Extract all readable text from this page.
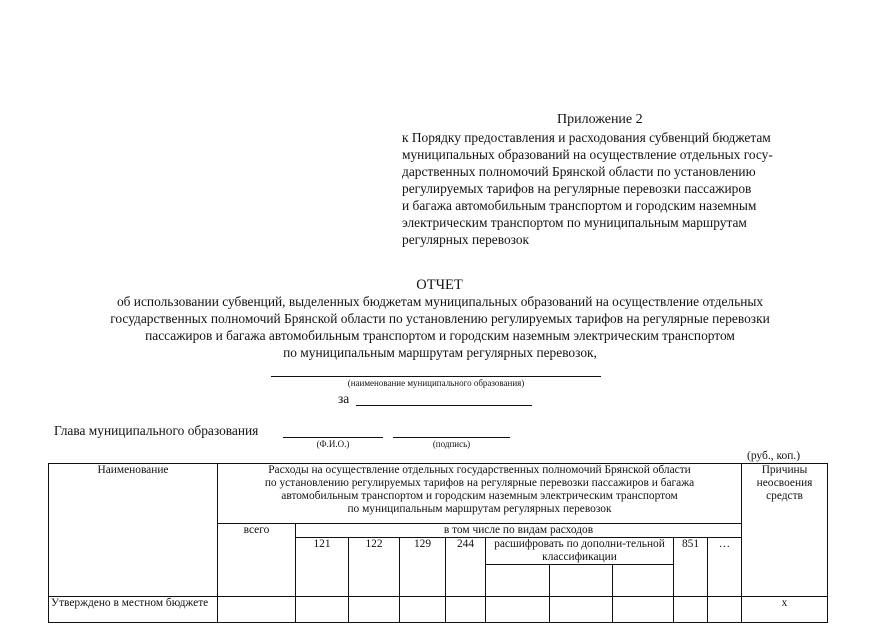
Приложение 2
к Порядку предоставления и расходования субвенций бюджетам
муниципальных образований на осуществление отдельных госу-
дарственных полномочий Брянской области по установлению
регулируемых тарифов на регулярные перевозки пассажиров
и багажа автомобильным транспортом и городским наземным
электрическим транспортом по муниципальным маршрутам
регулярных перевозок
ОТЧЕТ
об использовании субвенций, выделенных бюджетам муниципальных образований на осуществление отдельных
государственных полномочий Брянской области по установлению регулируемых тарифов на регулярные перевозки
пассажиров и багажа автомобильным транспортом и городским наземным электрическим транспортом
по муниципальным маршрутам регулярных перевозок,
(наименование муниципального образования)
за
Глава муниципального образования
(Ф.И.О.)	(подпись)
(руб., коп.)
Наименование	Расходы на осуществление отдельных государственных полномочий Брянской области
по установлению регулируемых тарифов на регулярные перевозки пассажиров и багажа
автомобильным транспортом и городским наземным электрическим транспортом
по муниципальным маршрутам регулярных перевозок										Причины неосвоения средств
	всего	в том числе по видам расходов									
		121	122	129	244	расшифровать по дополни-тельной классификации			851	…	

Утверждено в местном бюджете											x
